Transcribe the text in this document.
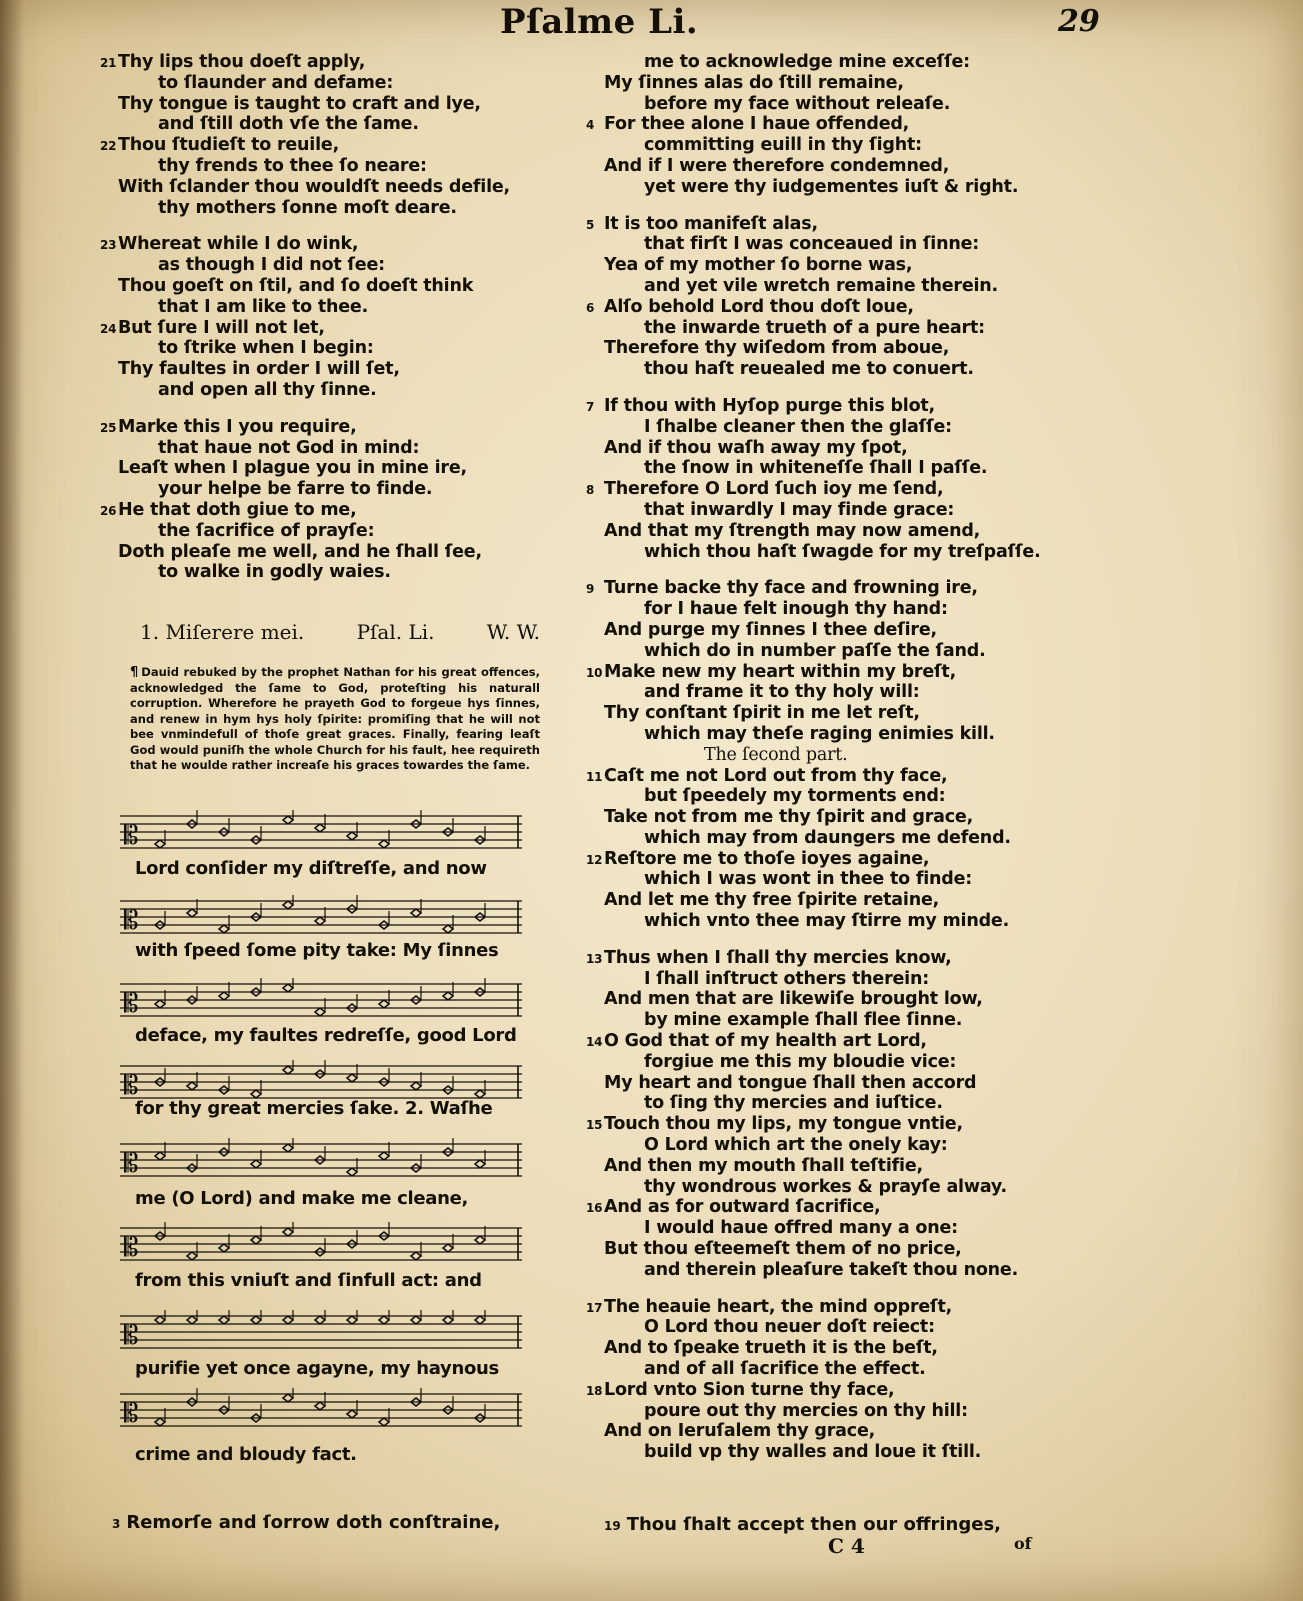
Pſalme Li.	29
21 Thy lips thou doeſt apply,
to ſlaunder and defame:
Thy tongue is taught to craft and lye,
and ſtill doth vſe the ſame.
22 Thou ſtudieſt to reuile,
thy frends to thee ſo neare:
With ſclander thou wouldſt needs defile,
thy mothers ſonne moſt deare.
23 Whereat while I do wink,
as though I did not ſee:
Thou goeſt on ſtil, and ſo doeſt think
that I am like to thee.
24 But ſure I will not let,
to ſtrike when I begin:
Thy faultes in order I will ſet,
and open all thy ſinne.
25 Marke this I you require,
that haue not God in mind:
Leaſt when I plague you in mine ire,
your helpe be farre to finde.
26 He that doth giue to me,
the ſacrifice of prayſe:
Doth pleaſe me well, and he ſhall ſee,
to walke in godly waies.
1. Miſerere mei.	Pſal. Li.	W. W.
¶ Dauid rebuked by the prophet Nathan for his great offences, acknowledged the ſame to God, proteſting his naturall corruption. Wherefore he prayeth God to forgeue hys ſinnes, and renew in hym hys holy ſpirite: promiſing that he will not bee vnmindefull of thoſe great graces. Finally, fearing leaſt God would puniſh the whole Church for his fault, hee requireth that he woulde rather increaſe his graces towardes the ſame.
𝄡
Lord conſider my diſtreſſe, and now
𝄡
with ſpeed ſome pity take: My ſinnes
𝄡
deface, my faultes redreſſe, good Lord
𝄡
for thy great mercies ſake. 2. Waſhe
𝄡
me (O Lord) and make me cleane,
𝄡
from this vniuſt and ſinfull act: and
𝄡
purifie yet once agayne, my haynous
𝄡
crime and bloudy fact.
3 Remorſe and ſorrow doth conſtraine,
me to acknowledge mine exceſſe:
My ſinnes alas do ſtill remaine,
before my face without releaſe.
4 For thee alone I haue offended,
committing euill in thy ſight:
And if I were therefore condemned,
yet were thy iudgementes iuſt & right.
5 It is too manifeſt alas,
that firſt I was conceaued in ſinne:
Yea of my mother ſo borne was,
and yet vile wretch remaine therein.
6 Alſo behold Lord thou doſt loue,
the inwarde trueth of a pure heart:
Therefore thy wiſedom from aboue,
thou haſt reuealed me to conuert.
7 If thou with Hyſop purge this blot,
I ſhalbe cleaner then the glaſſe:
And if thou waſh away my ſpot,
the ſnow in whiteneſſe ſhall I paſſe.
8 Therefore O Lord ſuch ioy me ſend,
that inwardly I may finde grace:
And that my ſtrength may now amend,
which thou haſt ſwagde for my treſpaſſe.
9 Turne backe thy face and frowning ire,
for I haue felt inough thy hand:
And purge my ſinnes I thee deſire,
which do in number paſſe the ſand.
10 Make new my heart within my breſt,
and frame it to thy holy will:
Thy conſtant ſpirit in me let reſt,
which may theſe raging enimies kill.
The ſecond part.
11 Caſt me not Lord out from thy face,
but ſpeedely my torments end:
Take not from me thy ſpirit and grace,
which may from daungers me defend.
12 Reſtore me to thoſe ioyes againe,
which I was wont in thee to finde:
And let me thy free ſpirite retaine,
which vnto thee may ſtirre my minde.
13 Thus when I ſhall thy mercies know,
I ſhall inſtruct others therein:
And men that are likewiſe brought low,
by mine example ſhall flee ſinne.
14 O God that of my health art Lord,
forgiue me this my bloudie vice:
My heart and tongue ſhall then accord
to ſing thy mercies and iuſtice.
15 Touch thou my lips, my tongue vntie,
O Lord which art the onely kay:
And then my mouth ſhall teſtifie,
thy wondrous workes & prayſe alway.
16 And as for outward ſacrifice,
I would haue offred many a one:
But thou eſteemeſt them of no price,
and therein pleaſure takeſt thou none.
17 The heauie heart, the mind oppreſt,
O Lord thou neuer doſt reiect:
And to ſpeake trueth it is the beſt,
and of all ſacrifice the effect.
18 Lord vnto Sion turne thy face,
poure out thy mercies on thy hill:
And on Ieruſalem thy grace,
build vp thy walles and loue it ſtill.
19 Thou ſhalt accept then our offringes,
C 4	of
